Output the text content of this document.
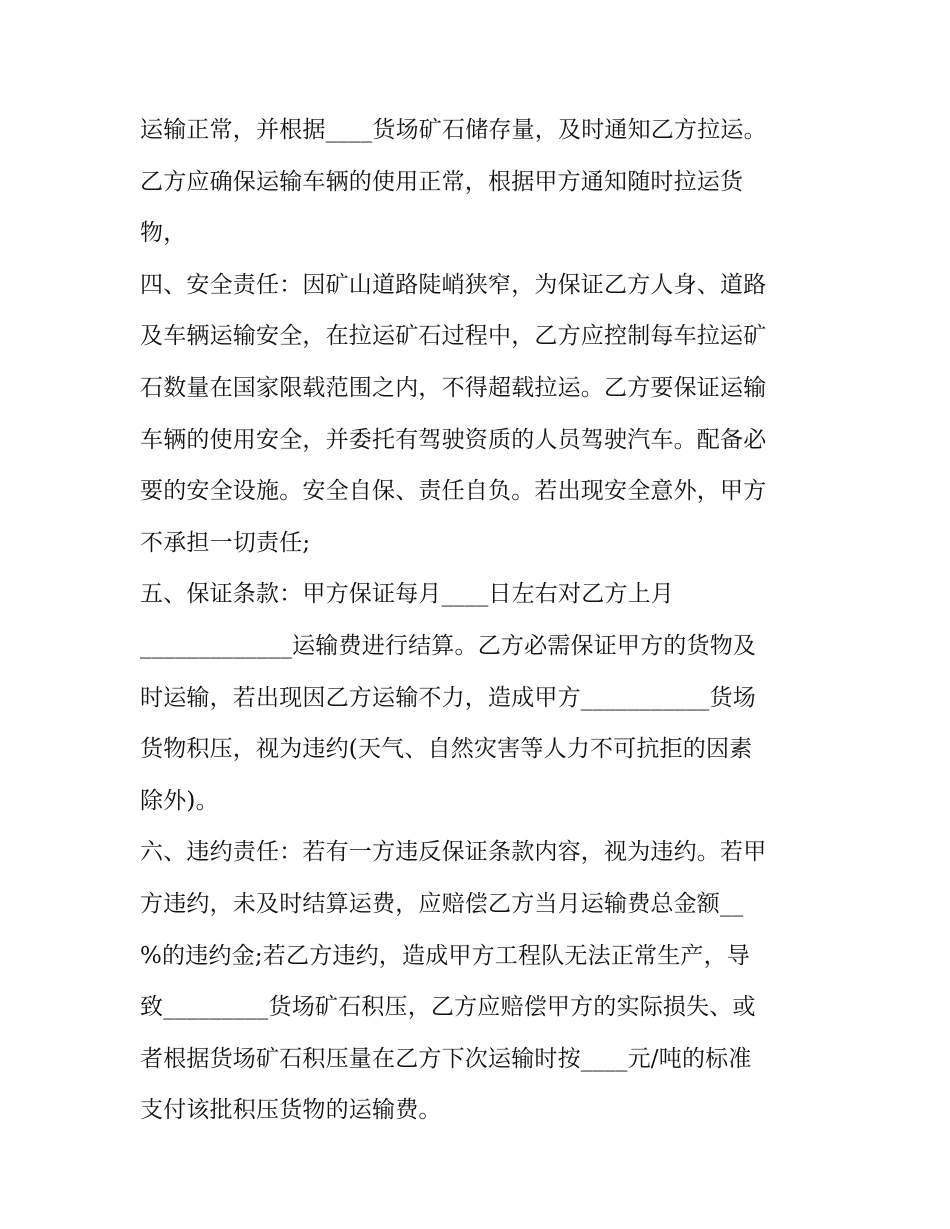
运输正常，并根据____货场矿石储存量，及时通知乙方拉运。
乙方应确保运输车辆的使用正常，根据甲方通知随时拉运货
物，
四、安全责任：因矿山道路陡峭狭窄，为保证乙方人身、道路
及车辆运输安全，在拉运矿石过程中，乙方应控制每车拉运矿
石数量在国家限载范围之内，不得超载拉运。乙方要保证运输
车辆的使用安全，并委托有驾驶资质的人员驾驶汽车。配备必
要的安全设施。安全自保、责任自负。若出现安全意外，甲方
不承担一切责任;
五、保证条款：甲方保证每月____日左右对乙方上月
_____________运输费进行结算。乙方必需保证甲方的货物及
时运输，若出现因乙方运输不力，造成甲方___________货场
货物积压，视为违约(天气、自然灾害等人力不可抗拒的因素
除外)。
六、违约责任：若有一方违反保证条款内容，视为违约。若甲
方违约，未及时结算运费，应赔偿乙方当月运输费总金额__
%的违约金;若乙方违约，造成甲方工程队无法正常生产，导
致_________货场矿石积压，乙方应赔偿甲方的实际损失、或
者根据货场矿石积压量在乙方下次运输时按____元/吨的标准
支付该批积压货物的运输费。
